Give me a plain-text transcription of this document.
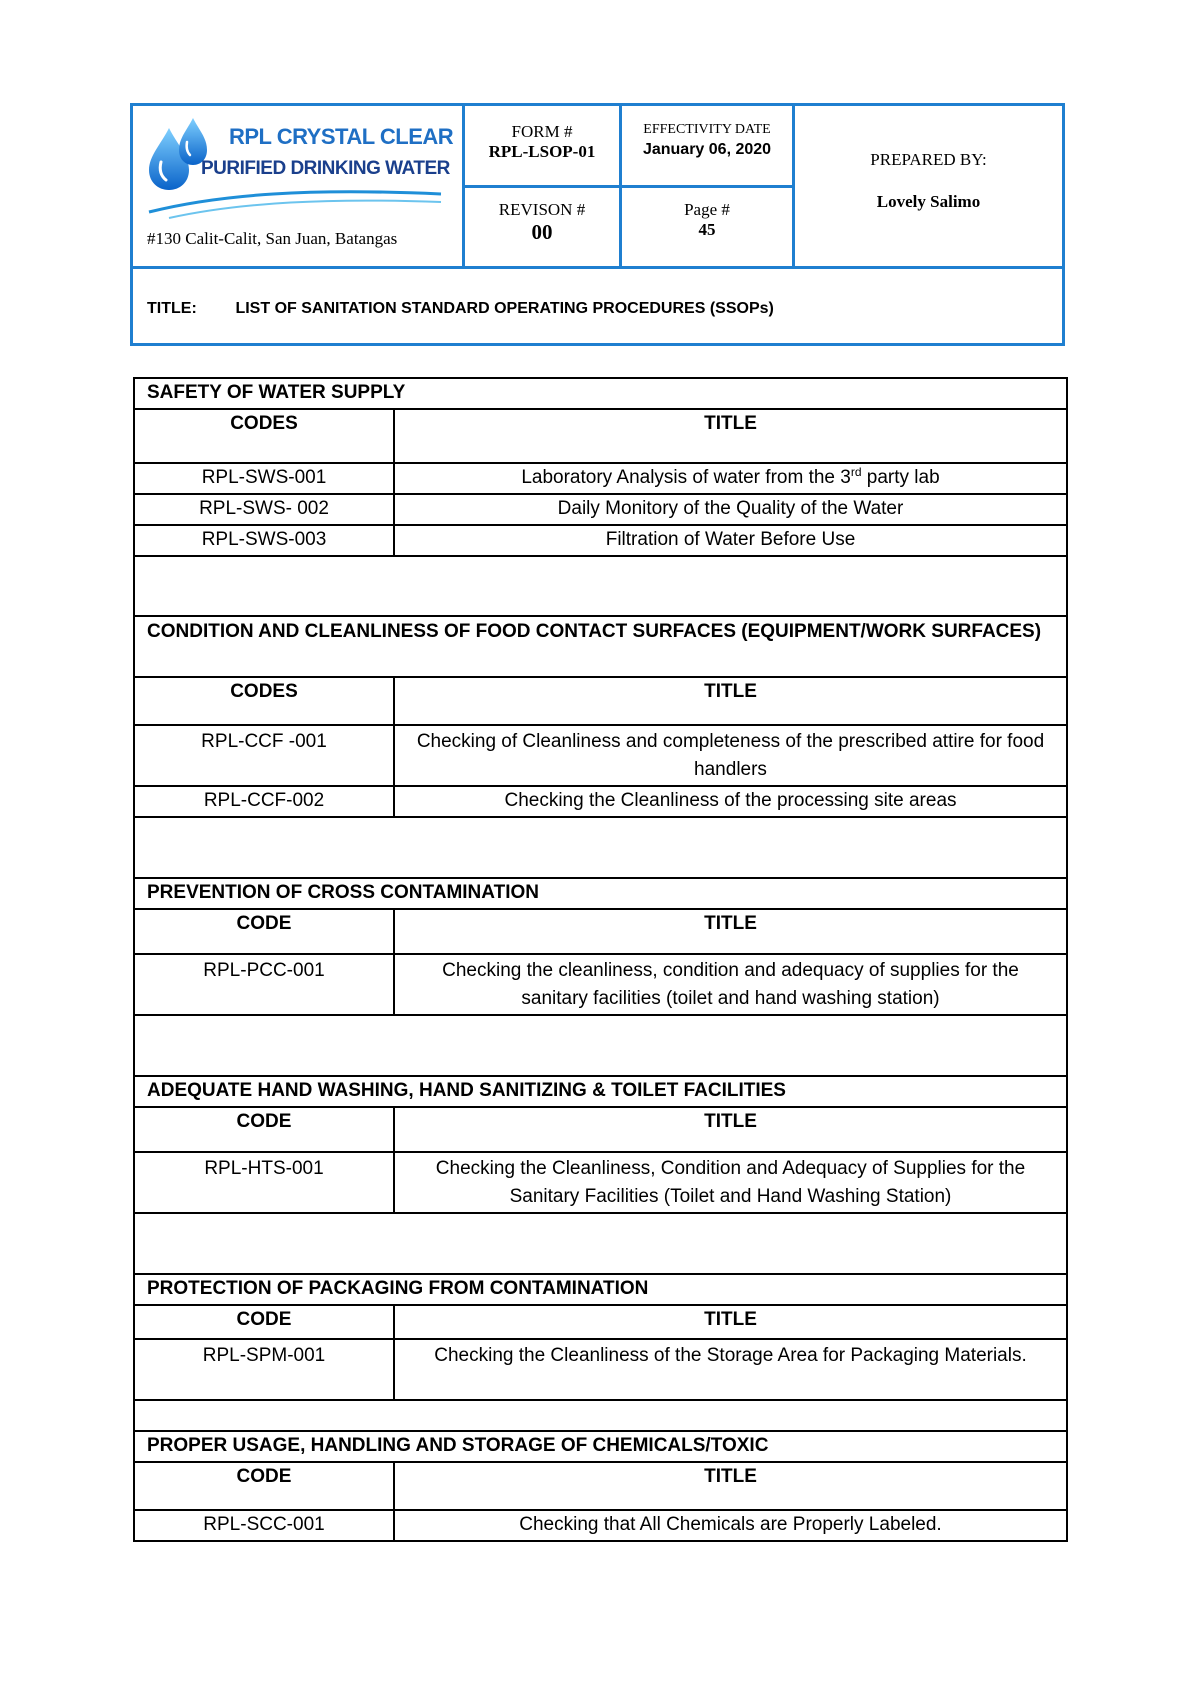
RPL CRYSTAL CLEAR
PURIFIED DRINKING WATER
#130 Calit-Calit, San Juan, Batangas
FORM #
RPL-LSOP-01
EFFECTIVITY DATE
January 06, 2020
PREPARED BY:
Lovely Salimo
REVISON #
00
Page #
45
TITLE: LIST OF SANITATION STANDARD OPERATING PROCEDURES (SSOPs)
SAFETY OF WATER SUPPLY	
CODES	TITLE
RPL-SWS-001	Laboratory Analysis of water from the 3rd party lab
RPL-SWS- 002	Daily Monitory of the Quality of the Water
RPL-SWS-003	Filtration of Water Before Use

CONDITION AND CLEANLINESS OF FOOD CONTACT SURFACES (EQUIPMENT/WORK SURFACES)	
CODES	TITLE
RPL-CCF -001	Checking of Cleanliness and completeness of the prescribed attire for food handlers
RPL-CCF-002	Checking the Cleanliness of the processing site areas

PREVENTION OF CROSS CONTAMINATION	
CODE	TITLE
RPL-PCC-001	Checking the cleanliness, condition and adequacy of supplies for the sanitary facilities (toilet and hand washing station)

ADEQUATE HAND WASHING, HAND SANITIZING & TOILET FACILITIES	
CODE	TITLE
RPL-HTS-001	Checking the Cleanliness, Condition and Adequacy of Supplies for the Sanitary Facilities (Toilet and Hand Washing Station)

PROTECTION OF PACKAGING FROM CONTAMINATION	
CODE	TITLE
RPL-SPM-001	Checking the Cleanliness of the Storage Area for Packaging Materials.

PROPER USAGE, HANDLING AND STORAGE OF CHEMICALS/TOXIC	
CODE	TITLE
RPL-SCC-001	Checking that All Chemicals are Properly Labeled.
